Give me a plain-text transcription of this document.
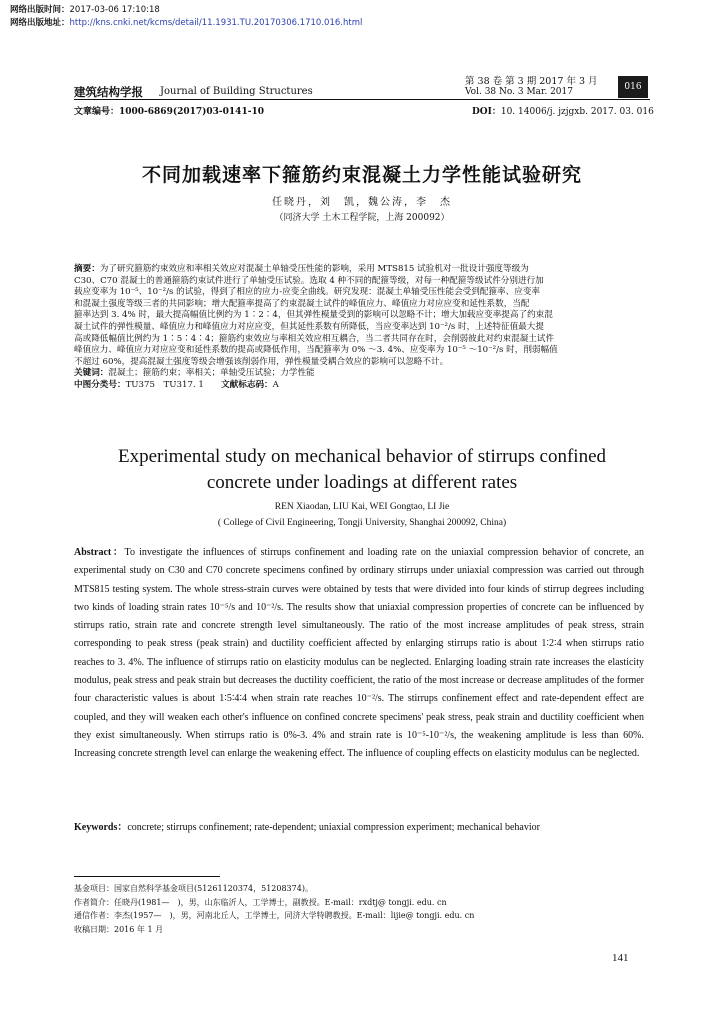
网络出版时间：2017-03-06 17:10:18
网络出版地址：http://kns.cnki.net/kcms/detail/11.1931.TU.20170306.1710.016.html
建筑结构学报 Journal of Building Structures
第 38 卷 第 3 期 2017 年 3 月
Vol. 38 No. 3 Mar. 2017	016
文章编号：1000-6869(2017)03-0141-10	DOI：10. 14006/j. jzjgxb. 2017. 03. 016
不同加载速率下箍筋约束混凝土力学性能试验研究
任晓丹，刘　凯，魏公涛，李　杰
（同济大学 土木工程学院，上海 200092）

摘要：为了研究箍筋约束效应和率相关效应对混凝土单轴受压性能的影响，采用 MTS815 试验机对一批设计强度等级为

C30、C70 混凝土的普通箍筋约束试件进行了单轴受压试验。选取 4 种不同的配箍等级，对每一种配箍等级试件分别进行加

载应变率为 10⁻⁵、10⁻²/s 的试验，得到了相应的应力-应变全曲线。研究发现：混凝土单轴受压性能会受到配箍率、应变率

和混凝土强度等级三者的共同影响；增大配箍率提高了约束混凝土试件的峰值应力、峰值应力对应应变和延性系数，当配

箍率达到 3. 4% 时，最大提高幅值比例约为 1∶2∶4，但其弹性模量受到的影响可以忽略不计；增大加载应变率提高了约束混

凝土试件的弹性模量、峰值应力和峰值应力对应应变，但其延性系数有所降低，当应变率达到 10⁻²/s 时，上述特征值最大提

高或降低幅值比例约为 1∶5∶4∶4；箍筋约束效应与率相关效应相互耦合，当二者共同存在时，会削弱彼此对约束混凝土试件

峰值应力、峰值应力对应应变和延性系数的提高或降低作用，当配箍率为 0% ～3. 4%、应变率为 10⁻⁵ ～10⁻²/s 时，削弱幅值

不超过 60%，提高混凝土强度等级会增强该削弱作用，弹性模量受耦合效应的影响可以忽略不计。

关键词：混凝土；箍筋约束；率相关；单轴受压试验；力学性能

中图分类号：TU375　TU317. 1　　 文献标志码：A

Experimental study on mechanical behavior of stirrups confined
concrete under loadings at different rates
REN Xiaodan, LIU Kai, WEI Gongtao, LI Jie
( College of Civil Engineering, Tongji University, Shanghai 200092, China)
Abstract：To investigate the influences of stirrups confinement and loading rate on the uniaxial compression behavior of concrete, an experimental study on C30 and C70 concrete specimens confined by ordinary stirrups under uniaxial compression was carried out through MTS815 testing system. The whole stress-strain curves were obtained by tests that were divided into four kinds of stirrup degrees including two kinds of loading strain rates 10⁻⁵/s and 10⁻²/s. The results show that uniaxial compression properties of concrete can be influenced by stirrups ratio, strain rate and concrete strength level simultaneously. The ratio of the most increase amplitudes of peak stress, strain corresponding to peak stress (peak strain) and ductility coefficient affected by enlarging stirrups ratio is about 1∶2∶4 when stirrups ratio reaches to 3. 4%. The influence of stirrups ratio on elasticity modulus can be neglected. Enlarging loading strain rate increases the elasticity modulus, peak stress and peak strain but decreases the ductility coefficient, the ratio of the most increase or decrease amplitudes of the former four characteristic values is about 1∶5∶4∶4 when strain rate reaches 10⁻²/s. The stirrups confinement effect and rate-dependent effect are coupled, and they will weaken each other's influence on confined concrete specimens' peak stress, peak strain and ductility coefficient when they exist simultaneously. When stirrups ratio is 0%-3. 4% and strain rate is 10⁻⁵-10⁻²/s, the weakening amplitude is less than 60%. Increasing concrete strength level can enlarge the weakening effect. The influence of coupling effects on elasticity modulus can be neglected.
Keywords：concrete; stirrups confinement; rate-dependent; uniaxial compression experiment; mechanical behavior
基金项目：国家自然科学基金项目(51261120374，51208374)。
作者简介：任晓丹(1981—　)，男，山东临沂人，工学博士，副教授。E-mail：rxdtj@ tongji. edu. cn
通信作者：李杰(1957—　)，男，河南北丘人，工学博士，同济大学特聘教授。E-mail：lijie@ tongji. edu. cn
收稿日期：2016 年 1 月
141
